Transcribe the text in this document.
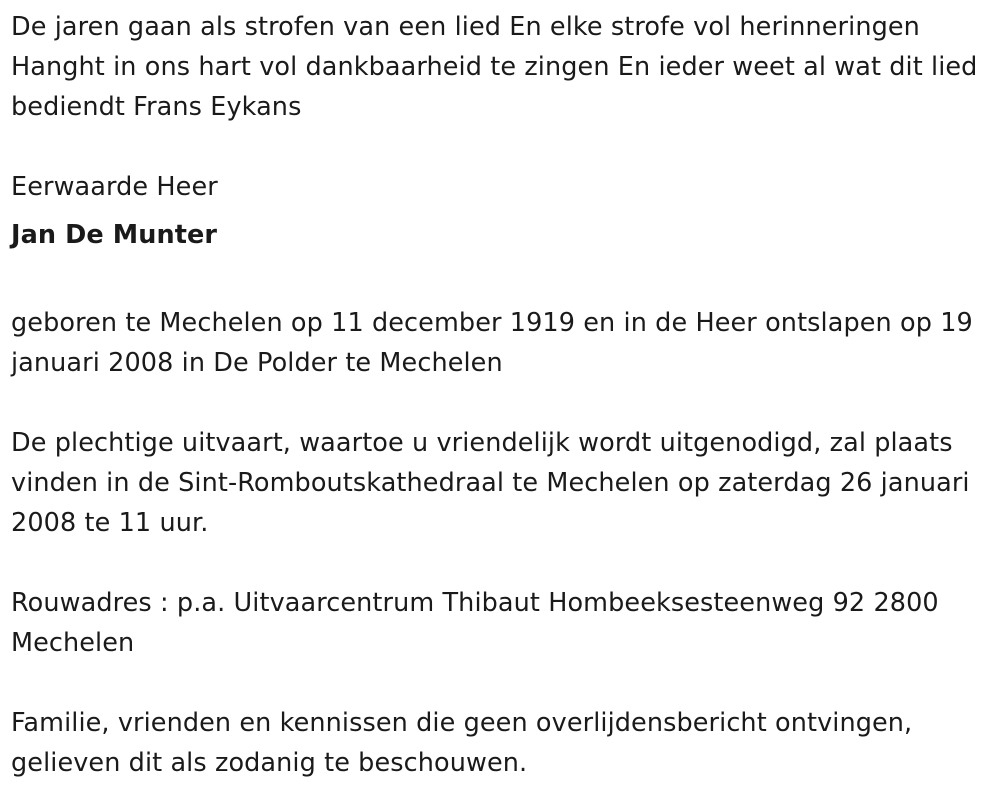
De jaren gaan als strofen van een lied En elke strofe vol herinneringen Hanght in ons hart vol dankbaarheid te zingen En ieder weet al wat dit lied bediendt Frans Eykans

Eerwaarde Heer

Jan De Munter

geboren te Mechelen op 11 december 1919 en in de Heer ontslapen op 19 januari 2008 in De Polder te Mechelen

De plechtige uitvaart, waartoe u vriendelijk wordt uitgenodigd, zal plaats vinden in de Sint-Romboutskathedraal te Mechelen op zaterdag 26 januari 2008 te 11 uur.

Rouwadres : p.a. Uitvaarcentrum Thibaut Hombeeksesteenweg 92 2800 Mechelen

Familie, vrienden en kennissen die geen overlijdensbericht ontvingen, gelieven dit als zodanig te beschouwen.
